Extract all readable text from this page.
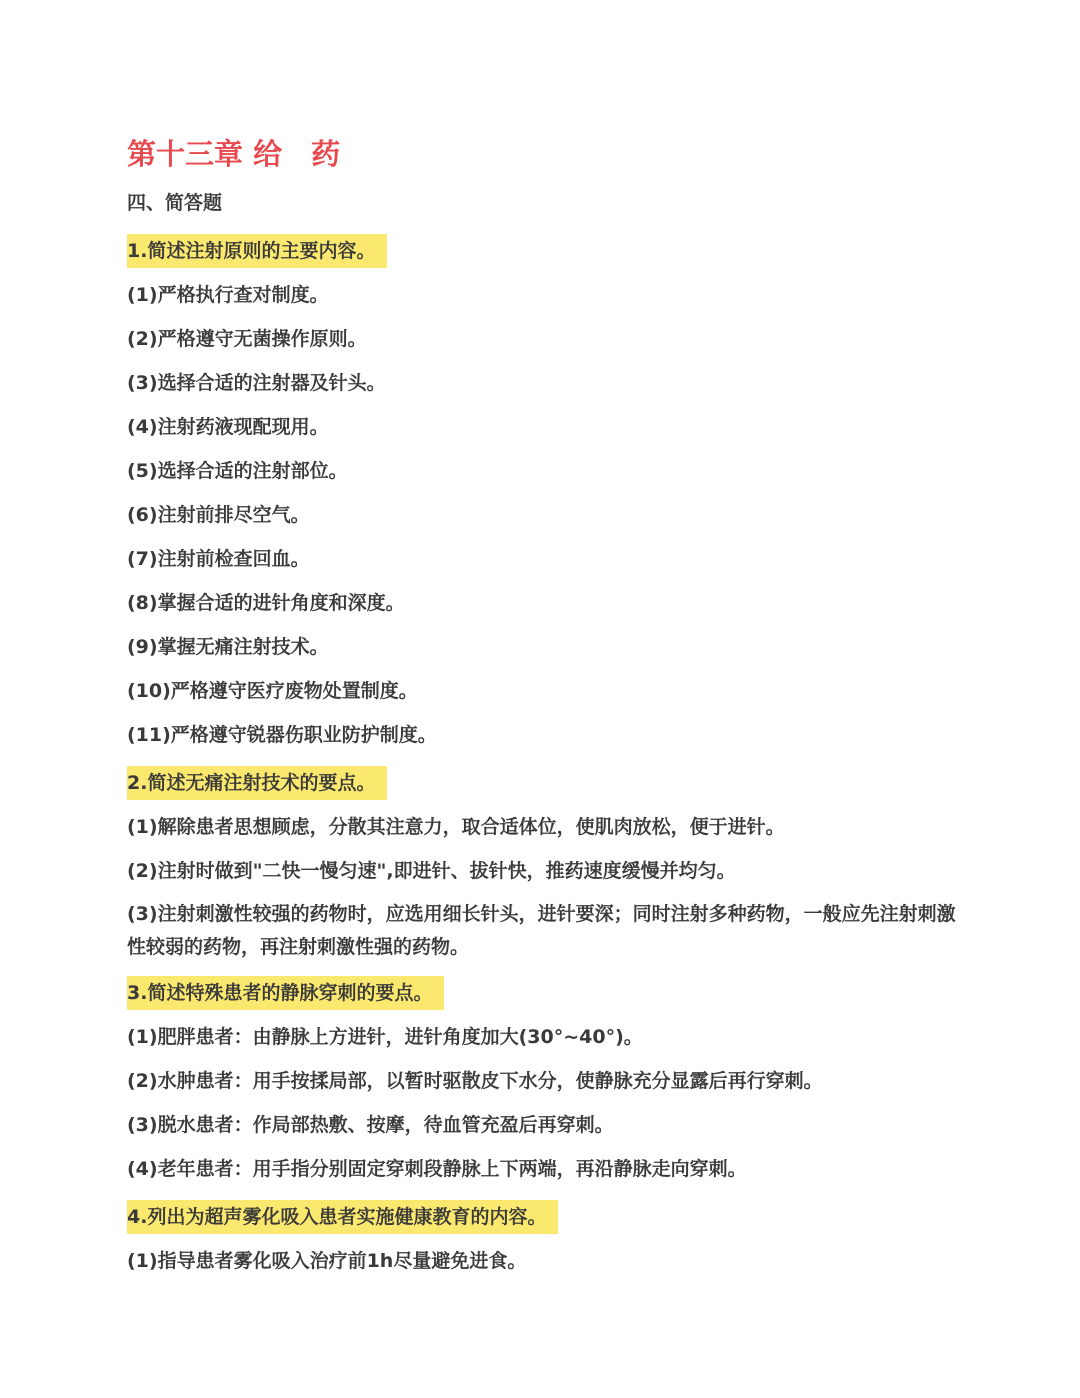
第十三章 给　药
四、简答题
1.简述注射原则的主要内容。
(1)严格执行查对制度。
(2)严格遵守无菌操作原则。
(3)选择合适的注射器及针头。
(4)注射药液现配现用。
(5)选择合适的注射部位。
(6)注射前排尽空气。
(7)注射前检查回血。
(8)掌握合适的进针角度和深度。
(9)掌握无痛注射技术。
(10)严格遵守医疗废物处置制度。
(11)严格遵守锐器伤职业防护制度。
2.简述无痛注射技术的要点。
(1)解除患者思想顾虑，分散其注意力，取合适体位，使肌肉放松，便于进针。
(2)注射时做到"二快一慢匀速",即进针、拔针快，推药速度缓慢并均匀。
(3)注射刺激性较强的药物时，应选用细长针头，进针要深；同时注射多种药物，一般应先注射刺激性较弱的药物，再注射刺激性强的药物。
3.简述特殊患者的静脉穿刺的要点。
(1)肥胖患者：由静脉上方进针，进针角度加大(30°~40°)。
(2)水肿患者：用手按揉局部，以暂时驱散皮下水分，使静脉充分显露后再行穿刺。
(3)脱水患者：作局部热敷、按摩，待血管充盈后再穿刺。
(4)老年患者：用手指分别固定穿刺段静脉上下两端，再沿静脉走向穿刺。
4.列出为超声雾化吸入患者实施健康教育的内容。
(1)指导患者雾化吸入治疗前1h尽量避免进食。
